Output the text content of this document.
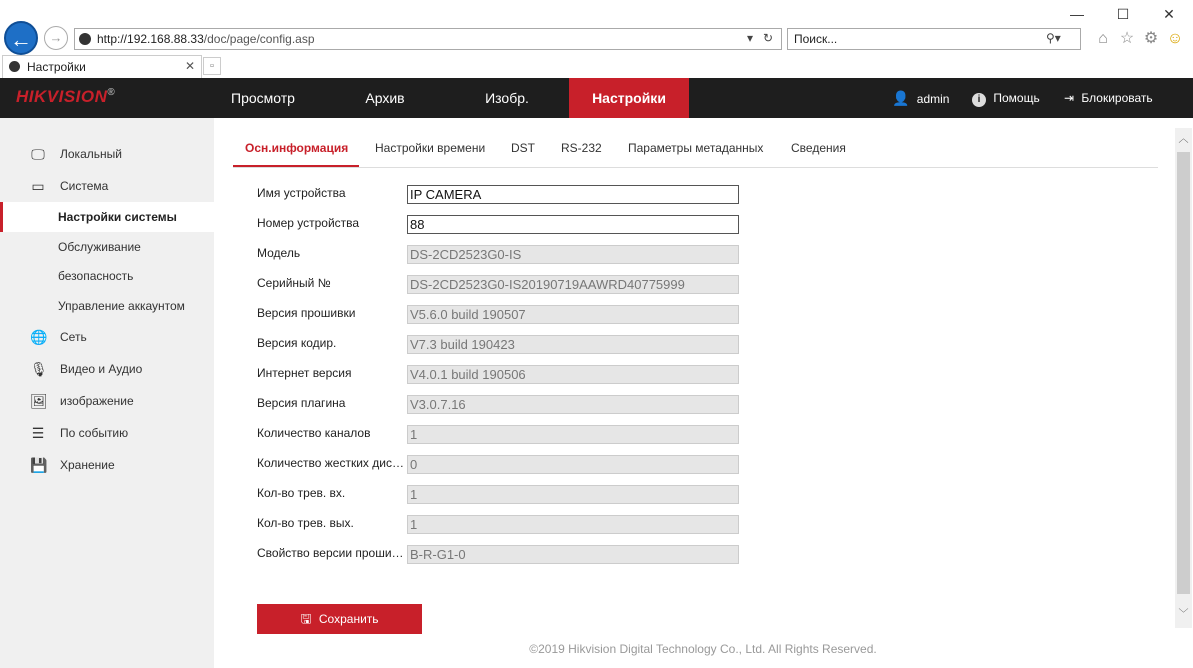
—	☐	✕
←	→	http://192.168.88.33/doc/page/config.asp	▾ ↻ Поиск...	⚲▾ ⌂ ☆ ⚙ ☺
Настройки	✕	▫
HIKVISION®	Просмотр	Архив	Изобр.	Настройки	👤 admin	i Помощь ⇥ Блокировать
🖵 Локальный
▭ Система
Настройки системы
Обслуживание
безопасность
Управление аккаунтом
🌐 Сеть
🎙 Видео и Аудио
🖼 изображение
☰ По событию
💾 Хранение
Осн.информация Настройки времени DST RS-232 Параметры метаданных Сведения
Имя устройства
IP CAMERA
Номер устройства
88
Модель
DS-2CD2523G0-IS
Серийный №
DS-2CD2523G0-IS20190719AAWRD40775999
Версия прошивки
V5.6.0 build 190507
Версия кодир.
V7.3 build 190423
Интернет версия
V4.0.1 build 190506
Версия плагина
V3.0.7.16
Количество каналов
1
Количество жестких дис…
0
Кол-во трев. вх.
1
Кол-во трев. вых.
1
Свойство версии проши…
B-R-G1-0
🖫 Сохранить
©2019 Hikvision Digital Technology Co., Ltd. All Rights Reserved.
︿
﹀
